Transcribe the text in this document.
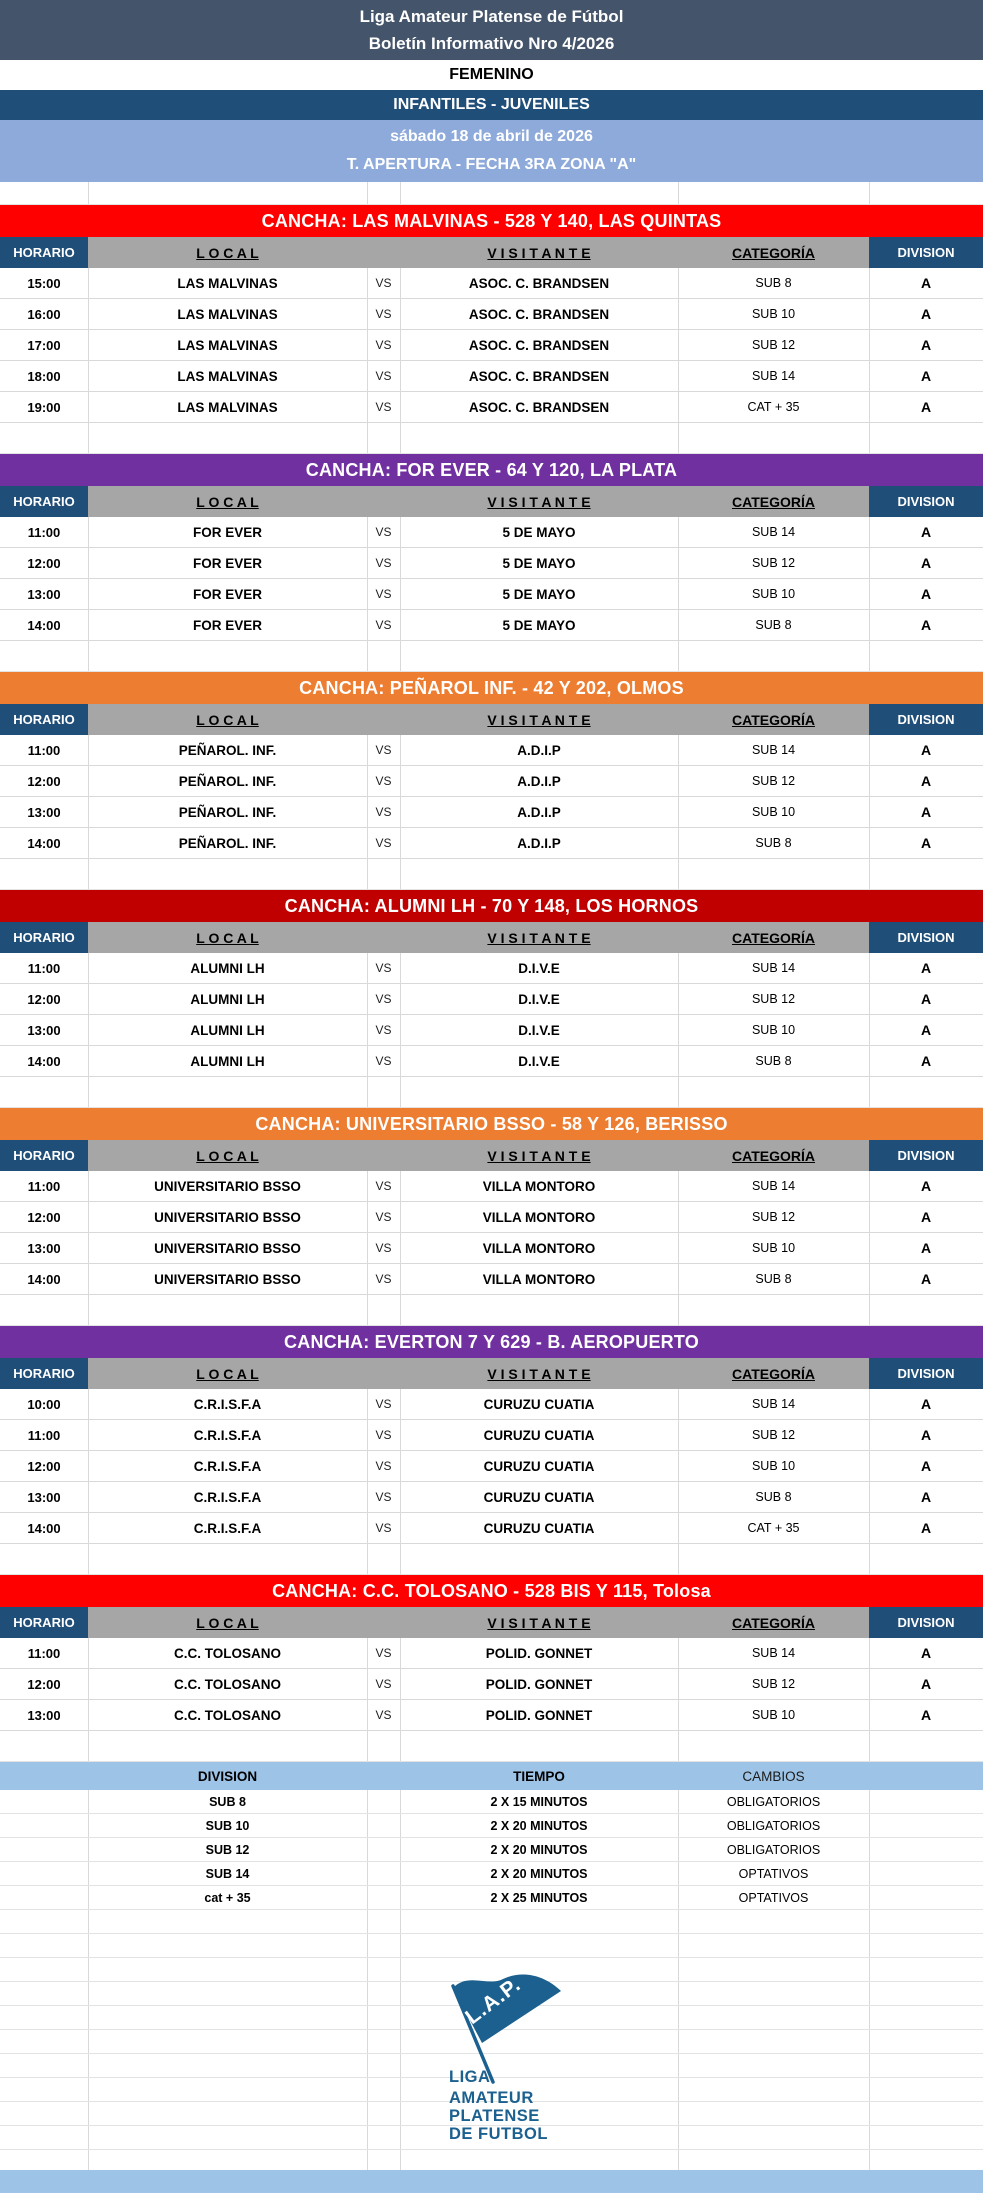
Liga Amateur Platense de Fútbol
Boletín Informativo Nro 4/2026
FEMENINO
INFANTILES - JUVENILES
sábado 18 de abril de 2026
T. APERTURA - FECHA 3RA ZONA "A"
CANCHA: LAS MALVINAS - 528 Y 140, LAS QUINTAS
HORARIO	L O C A L	V I S I T A N T E	CATEGORÍA	DIVISION
15:00	LAS MALVINAS	VS	ASOC. C. BRANDSEN	SUB 8	A
16:00	LAS MALVINAS	VS	ASOC. C. BRANDSEN	SUB 10	A
17:00	LAS MALVINAS	VS	ASOC. C. BRANDSEN	SUB 12	A
18:00	LAS MALVINAS	VS	ASOC. C. BRANDSEN	SUB 14	A
19:00	LAS MALVINAS	VS	ASOC. C. BRANDSEN	CAT + 35	A
CANCHA: FOR EVER - 64 Y 120, LA PLATA
HORARIO	L O C A L	V I S I T A N T E	CATEGORÍA	DIVISION
11:00	FOR EVER	VS	5 DE MAYO	SUB 14	A
12:00	FOR EVER	VS	5 DE MAYO	SUB 12	A
13:00	FOR EVER	VS	5 DE MAYO	SUB 10	A
14:00	FOR EVER	VS	5 DE MAYO	SUB 8	A
CANCHA: PEÑAROL INF. - 42 Y 202, OLMOS
HORARIO	L O C A L	V I S I T A N T E	CATEGORÍA	DIVISION
11:00	PEÑAROL. INF.	VS	A.D.I.P	SUB 14	A
12:00	PEÑAROL. INF.	VS	A.D.I.P	SUB 12	A
13:00	PEÑAROL. INF.	VS	A.D.I.P	SUB 10	A
14:00	PEÑAROL. INF.	VS	A.D.I.P	SUB 8	A
CANCHA: ALUMNI LH - 70 Y 148, LOS HORNOS
HORARIO	L O C A L	V I S I T A N T E	CATEGORÍA	DIVISION
11:00	ALUMNI LH	VS	D.I.V.E	SUB 14	A
12:00	ALUMNI LH	VS	D.I.V.E	SUB 12	A
13:00	ALUMNI LH	VS	D.I.V.E	SUB 10	A
14:00	ALUMNI LH	VS	D.I.V.E	SUB 8	A
CANCHA: UNIVERSITARIO BSSO - 58 Y 126, BERISSO
HORARIO	L O C A L	V I S I T A N T E	CATEGORÍA	DIVISION
11:00	UNIVERSITARIO BSSO	VS	VILLA MONTORO	SUB 14	A
12:00	UNIVERSITARIO BSSO	VS	VILLA MONTORO	SUB 12	A
13:00	UNIVERSITARIO BSSO	VS	VILLA MONTORO	SUB 10	A
14:00	UNIVERSITARIO BSSO	VS	VILLA MONTORO	SUB 8	A
CANCHA: EVERTON 7 Y 629 - B. AEROPUERTO
HORARIO	L O C A L	V I S I T A N T E	CATEGORÍA	DIVISION
10:00	C.R.I.S.F.A	VS	CURUZU CUATIA	SUB 14	A
11:00	C.R.I.S.F.A	VS	CURUZU CUATIA	SUB 12	A
12:00	C.R.I.S.F.A	VS	CURUZU CUATIA	SUB 10	A
13:00	C.R.I.S.F.A	VS	CURUZU CUATIA	SUB 8	A
14:00	C.R.I.S.F.A	VS	CURUZU CUATIA	CAT + 35	A
CANCHA: C.C. TOLOSANO - 528 BIS Y 115, Tolosa
HORARIO	L O C A L	V I S I T A N T E	CATEGORÍA	DIVISION
11:00	C.C. TOLOSANO	VS	POLID. GONNET	SUB 14	A
12:00	C.C. TOLOSANO	VS	POLID. GONNET	SUB 12	A
13:00	C.C. TOLOSANO	VS	POLID. GONNET	SUB 10	A
DIVISION	TIEMPO	CAMBIOS
SUB 8	2 X 15 MINUTOS	OBLIGATORIOS
SUB 10	2 X 20 MINUTOS	OBLIGATORIOS
SUB 12	2 X 20 MINUTOS	OBLIGATORIOS
SUB 14	2 X 20 MINUTOS	OPTATIVOS
cat + 35	2 X 25 MINUTOS	OPTATIVOS
L.A.P.
LIGA
AMATEUR
PLATENSE
DE FUTBOL
